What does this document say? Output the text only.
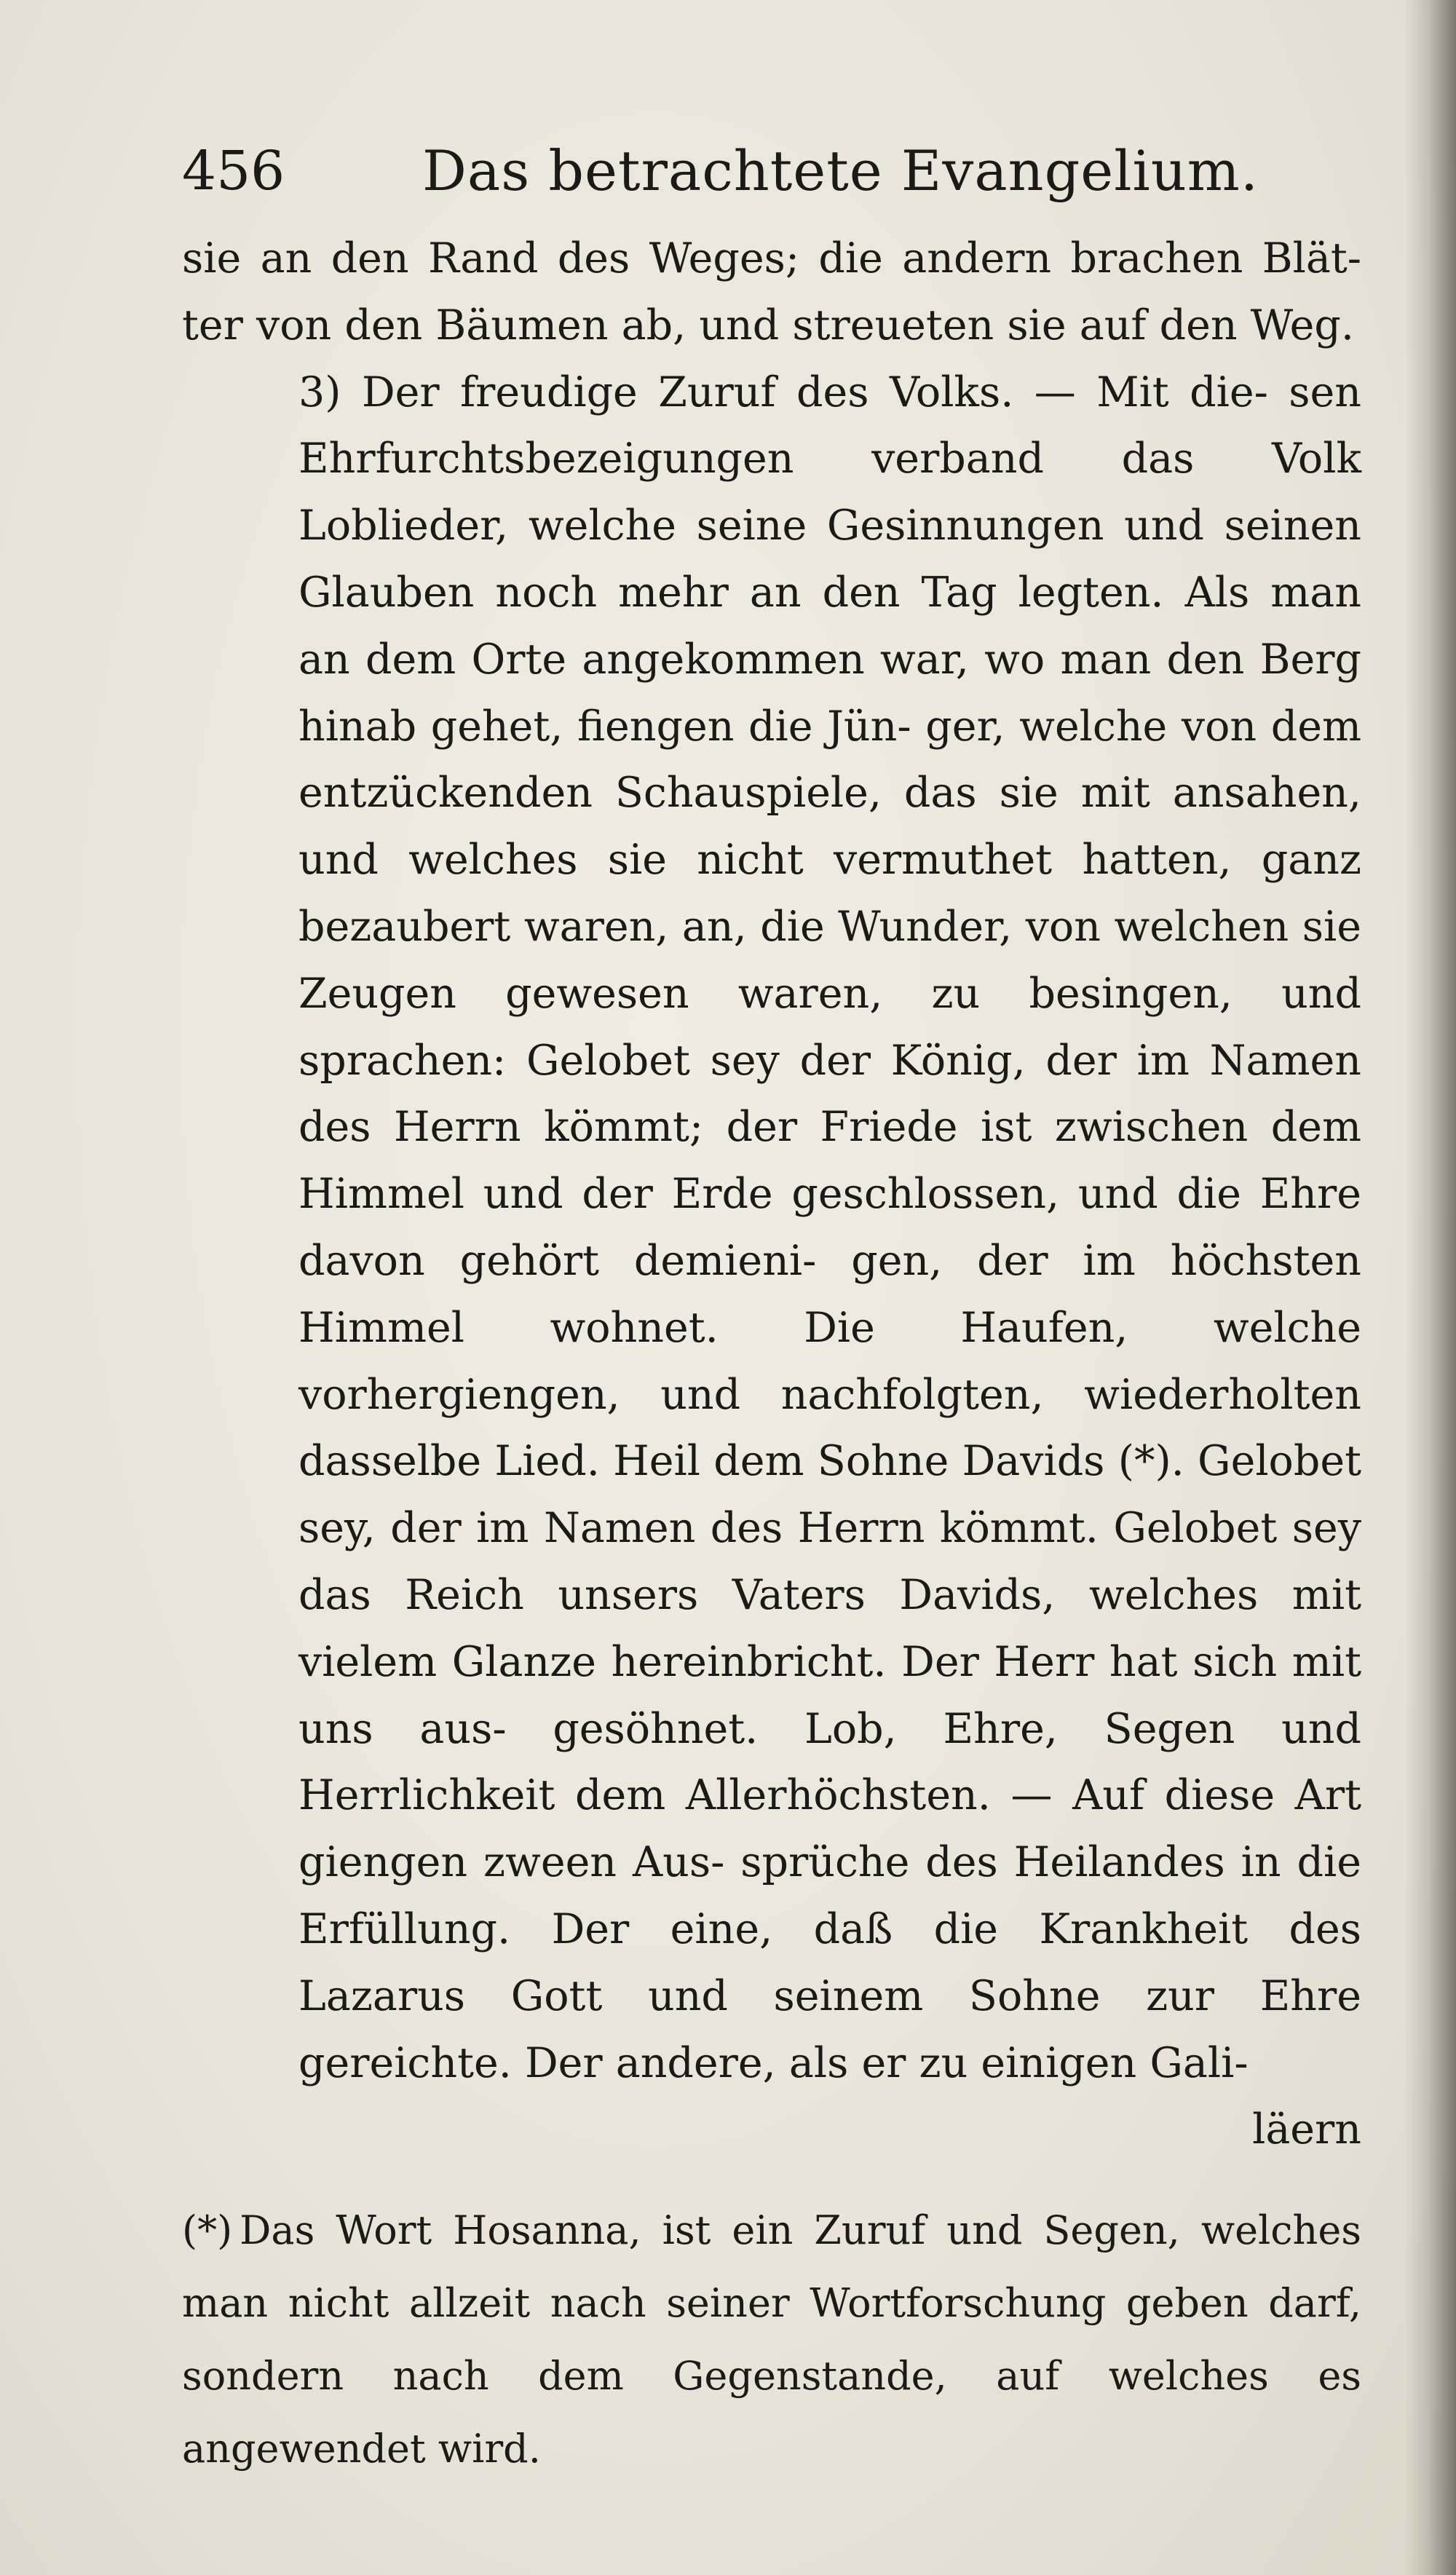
456 Das betrachtete Evangelium.

sie an den Rand des Weges; die andern brachen Blät- ter von den Bäumen ab, und streueten sie auf den Weg.

3) Der freudige Zuruf des Volks. — Mit die- sen Ehrfurchtsbezeigungen verband das Volk Loblieder, welche seine Gesinnungen und seinen Glauben noch mehr an den Tag legten. Als man an dem Orte angekommen war, wo man den Berg hinab gehet, fiengen die Jün- ger, welche von dem entzückenden Schauspiele, das sie mit ansahen, und welches sie nicht vermuthet hatten, ganz bezaubert waren, an, die Wunder, von welchen sie Zeugen gewesen waren, zu besingen, und sprachen: Gelobet sey der König, der im Namen des Herrn kömmt; der Friede ist zwischen dem Himmel und der Erde geschlossen, und die Ehre davon gehört demieni- gen, der im höchsten Himmel wohnet. Die Haufen, welche vorhergiengen, und nachfolgten, wiederholten dasselbe Lied. Heil dem Sohne Davids (*). Gelobet sey, der im Namen des Herrn kömmt. Gelobet sey das Reich unsers Vaters Davids, welches mit vielem Glanze hereinbricht. Der Herr hat sich mit uns aus- gesöhnet. Lob, Ehre, Segen und Herrlichkeit dem Allerhöchsten. — Auf diese Art giengen zween Aus- sprüche des Heilandes in die Erfüllung. Der eine, daß die Krankheit des Lazarus Gott und seinem Sohne zur Ehre gereichte. Der andere, als er zu einigen Gali-

läern
(*) Das Wort Hosanna, ist ein Zuruf und Segen, welches man nicht allzeit nach seiner Wortforschung geben darf, sondern nach dem Gegenstande, auf welches es angewendet wird.
